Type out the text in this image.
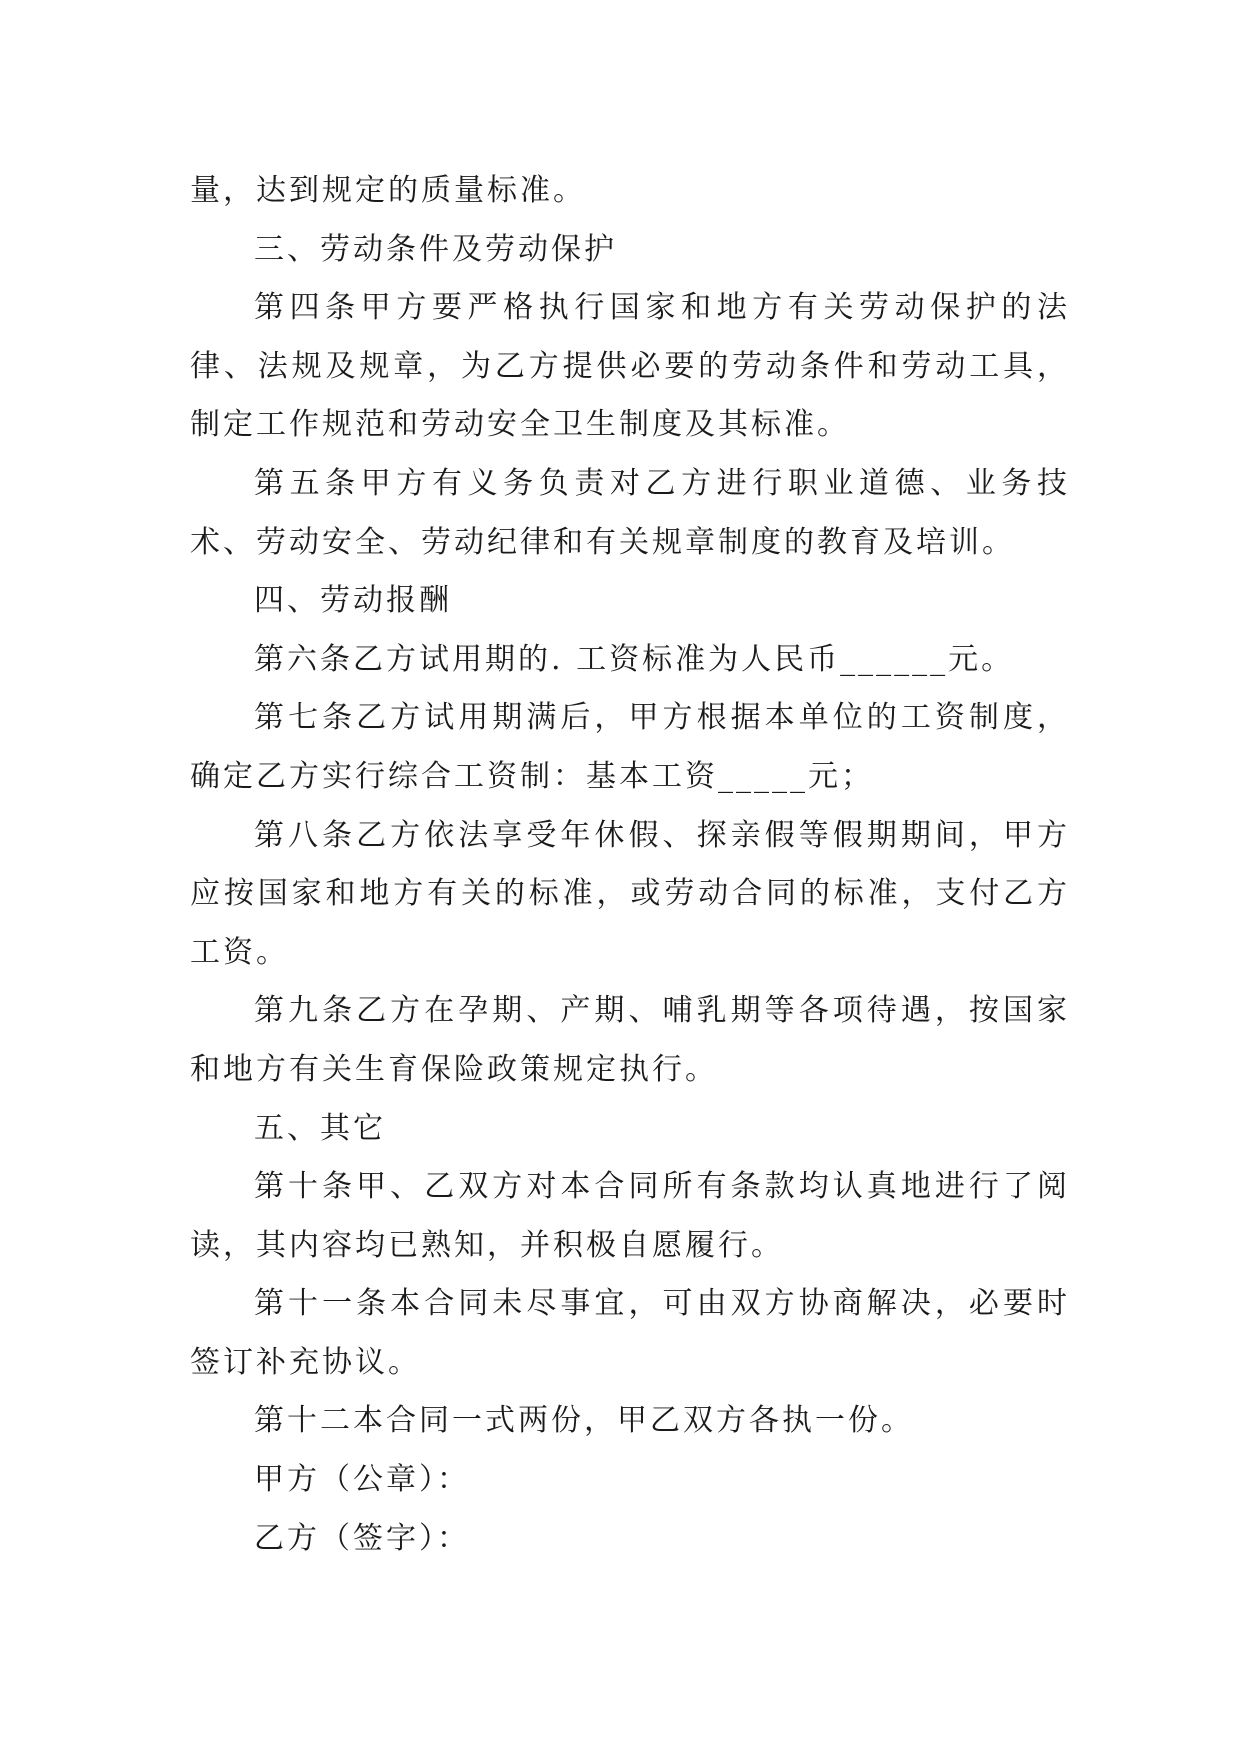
量，达到规定的质量标准。

三、劳动条件及劳动保护

第四条甲方要严格执行国家和地方有关劳动保护的法律、法规及规章，为乙方提供必要的劳动条件和劳动工具，制定工作规范和劳动安全卫生制度及其标准。

第五条甲方有义务负责对乙方进行职业道德、业务技术、劳动安全、劳动纪律和有关规章制度的教育及培训。

四、劳动报酬

第六条乙方试用期的. 工资标准为人民币______元。

第七条乙方试用期满后，甲方根据本单位的工资制度，确定乙方实行综合工资制：基本工资_____元；

第八条乙方依法享受年休假、探亲假等假期期间，甲方应按国家和地方有关的标准，或劳动合同的标准，支付乙方工资。

第九条乙方在孕期、产期、哺乳期等各项待遇，按国家和地方有关生育保险政策规定执行。

五、其它

第十条甲、乙双方对本合同所有条款均认真地进行了阅读，其内容均已熟知，并积极自愿履行。

第十一条本合同未尽事宜，可由双方协商解决，必要时签订补充协议。

第十二本合同一式两份，甲乙双方各执一份。

甲方（公章）：

乙方（签字）：
